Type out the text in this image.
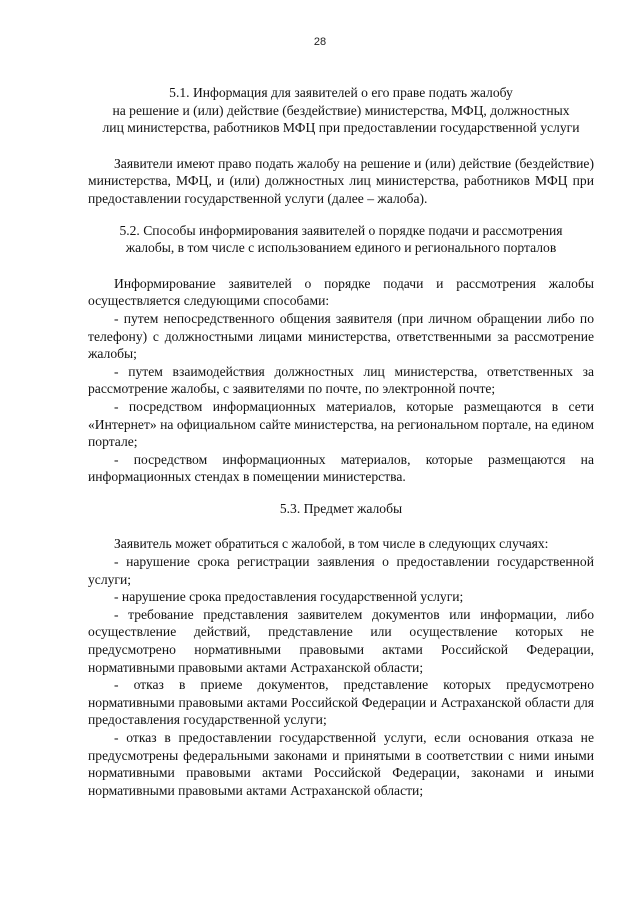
28
5.1. Информация для заявителей о его праве подать жалобу
на решение и (или) действие (бездействие) министерства, МФЦ, должностных
лиц министерства, работников МФЦ при предоставлении государственной услуги

Заявители имеют право подать жалобу на решение и (или) действие (бездействие) министерства, МФЦ, и (или) должностных лиц министерства, работников МФЦ при предоставлении государственной услуги (далее – жалоба).

5.2. Способы информирования заявителей о порядке подачи и рассмотрения
жалобы, в том числе с использованием единого и регионального порталов

Информирование заявителей о порядке подачи и рассмотрения жалобы осуществляется следующими способами:

- путем непосредственного общения заявителя (при личном обращении либо по телефону) с должностными лицами министерства, ответственными за рассмотрение жалобы;

- путем взаимодействия должностных лиц министерства, ответственных за рассмотрение жалобы, с заявителями по почте, по электронной почте;

- посредством информационных материалов, которые размещаются в сети «Интернет» на официальном сайте министерства, на региональном портале, на едином портале;

- посредством информационных материалов, которые размещаются на информационных стендах в помещении министерства.

5.3. Предмет жалобы

Заявитель может обратиться с жалобой, в том числе в следующих случаях:

- нарушение срока регистрации заявления о предоставлении государственной услуги;

- нарушение срока предоставления государственной услуги;

- требование представления заявителем документов или информации, либо осуществление действий, представление или осуществление которых не предусмотрено нормативными правовыми актами Российской Федерации, нормативными правовыми актами Астраханской области;

- отказ в приеме документов, представление которых предусмотрено нормативными правовыми актами Российской Федерации и Астраханской области для предоставления государственной услуги;

- отказ в предоставлении государственной услуги, если основания отказа не предусмотрены федеральными законами и принятыми в соответствии с ними иными нормативными правовыми актами Российской Федерации, законами и иными нормативными правовыми актами Астраханской области;
